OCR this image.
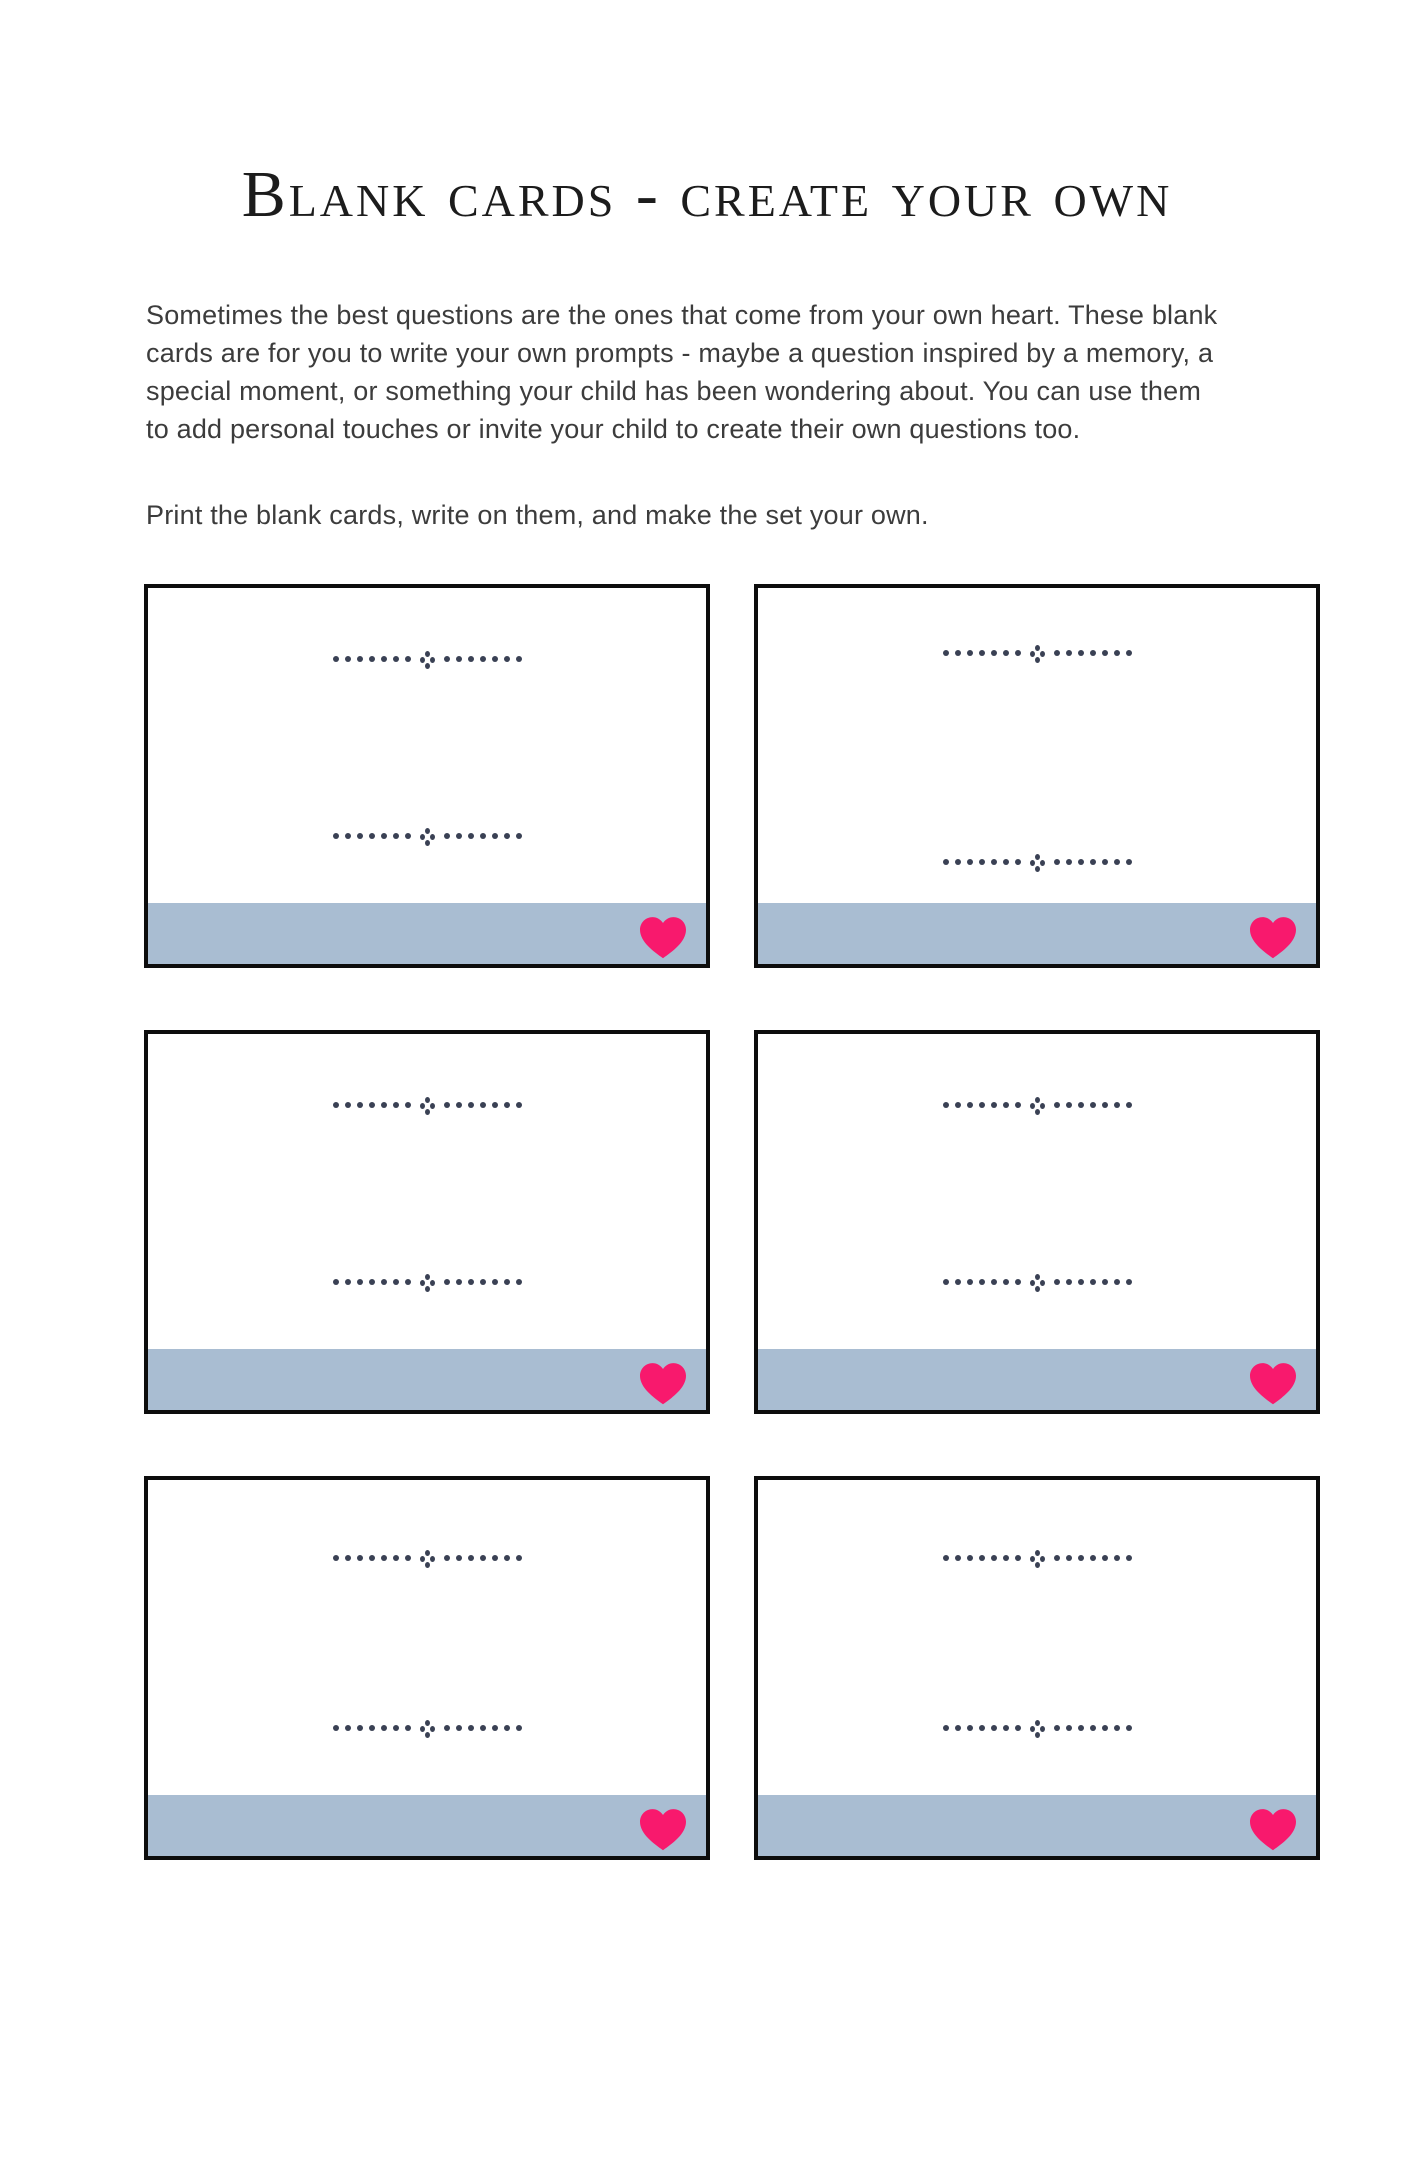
Blank cards - create your own
Sometimes the best questions are the ones that come from your own heart. These blank
cards are for you to write your own prompts - maybe a question inspired by a memory, a
special moment, or something your child has been wondering about. You can use them
to add personal touches or invite your child to create their own questions too.

Print the blank cards, write on them, and make the set your own.
